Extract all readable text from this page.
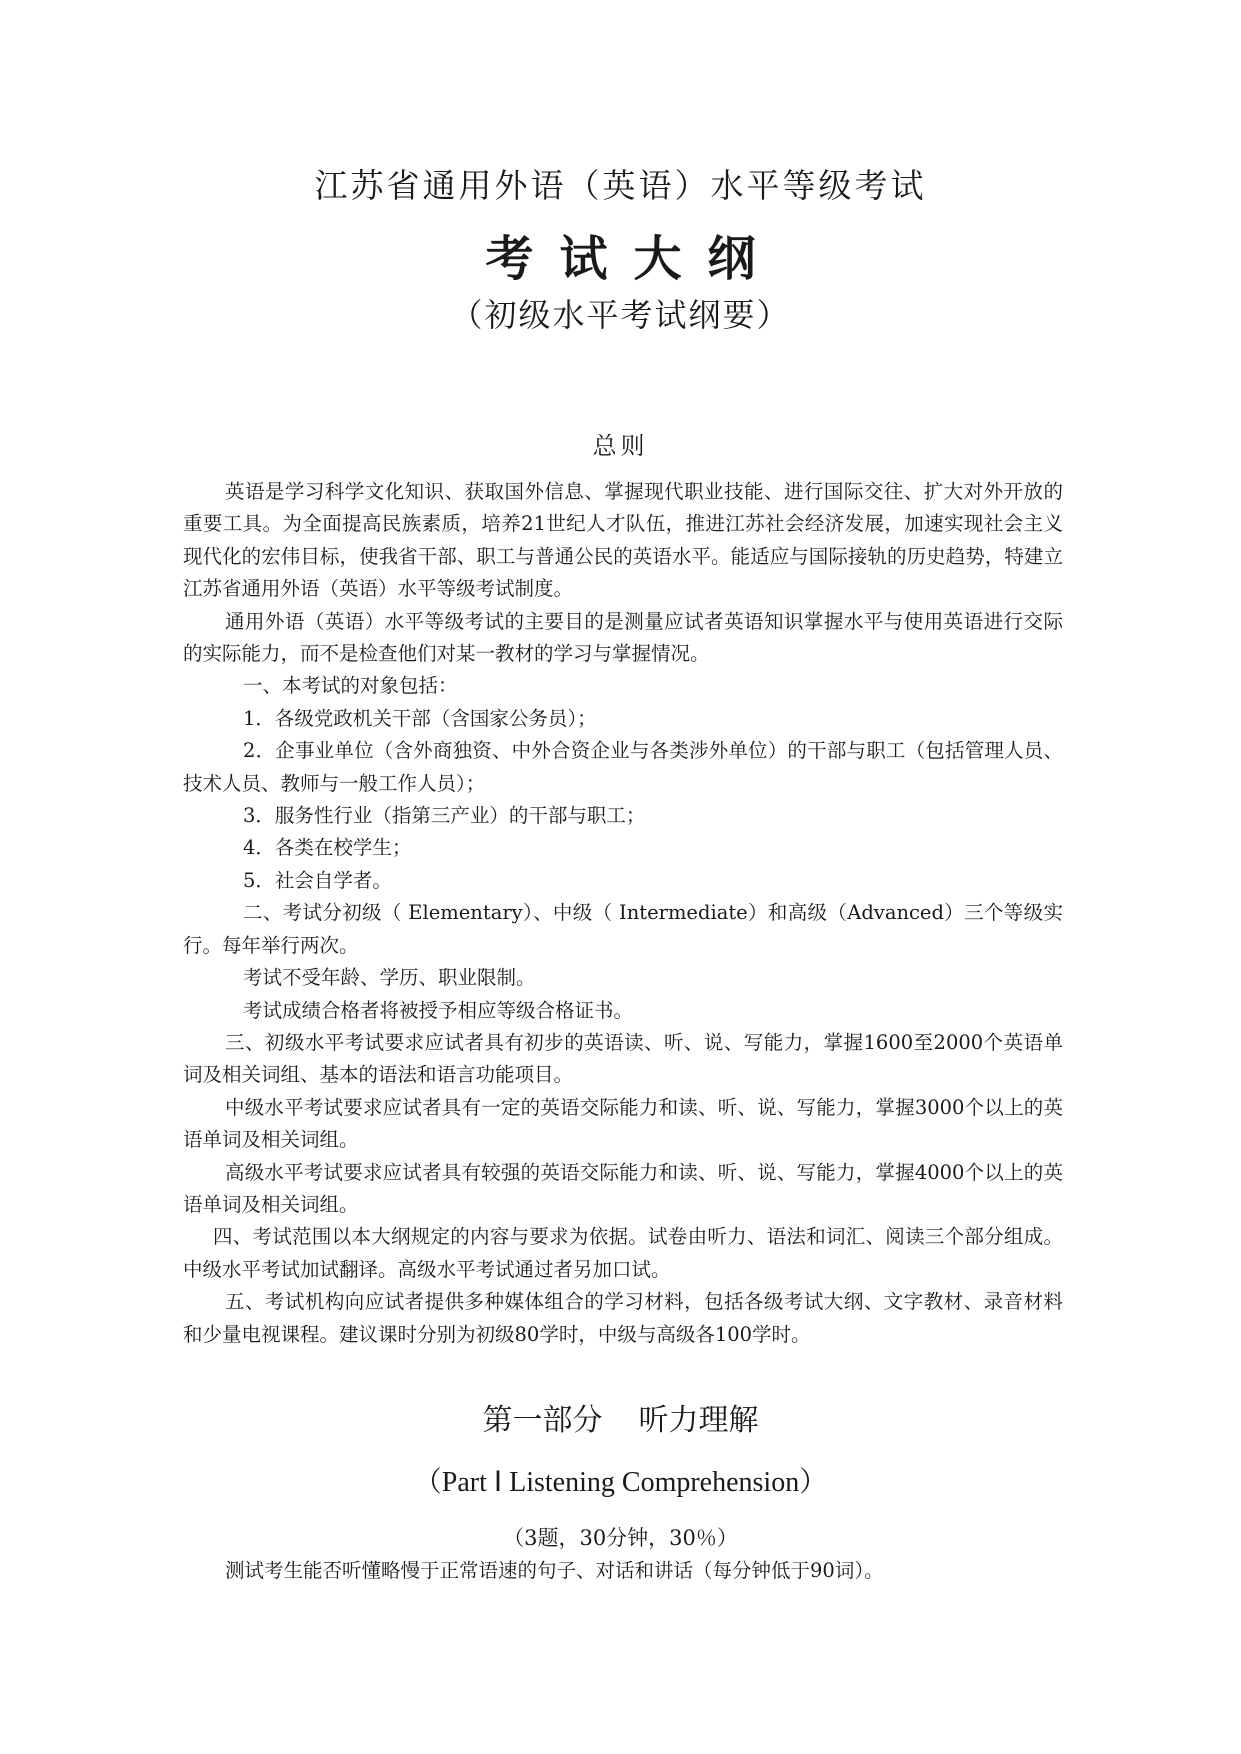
江苏省通用外语（英语）水平等级考试
考试大纲
（初级水平考试纲要）
总则

英语是学习科学文化知识、获取国外信息、掌握现代职业技能、进行国际交往、扩大对外开放的重要工具。为全面提高民族素质，培养21世纪人才队伍，推进江苏社会经济发展，加速实现社会主义现代化的宏伟目标，使我省干部、职工与普通公民的英语水平。能适应与国际接轨的历史趋势，特建立江苏省通用外语（英语）水平等级考试制度。

通用外语（英语）水平等级考试的主要目的是测量应试者英语知识掌握水平与使用英语进行交际的实际能力，而不是检查他们对某一教材的学习与掌握情况。

一、本考试的对象包括：

1．各级党政机关干部（含国家公务员）；

2．企事业单位（含外商独资、中外合资企业与各类涉外单位）的干部与职工（包括管理人员、技术人员、教师与一般工作人员）；

3．服务性行业（指第三产业）的干部与职工；

4．各类在校学生；

5．社会自学者。

二、考试分初级（ Elementary）、中级（ Intermediate）和高级（Advanced）三个等级实行。每年举行两次。

考试不受年龄、学历、职业限制。

考试成绩合格者将被授予相应等级合格证书。

三、初级水平考试要求应试者具有初步的英语读、听、说、写能力，掌握1600至2000个英语单词及相关词组、基本的语法和语言功能项目。

中级水平考试要求应试者具有一定的英语交际能力和读、听、说、写能力，掌握3000个以上的英语单词及相关词组。

高级水平考试要求应试者具有较强的英语交际能力和读、听、说、写能力，掌握4000个以上的英语单词及相关词组。

四、考试范围以本大纲规定的内容与要求为依据。试卷由听力、语法和词汇、阅读三个部分组成。中级水平考试加试翻译。高级水平考试通过者另加口试。

五、考试机构向应试者提供多种媒体组合的学习材料，包括各级考试大纲、文字教材、录音材料和少量电视课程。建议课时分别为初级80学时，中级与高级各100学时。

第一部分 听力理解
（Part Ⅰ Listening Comprehension）
（3题，30分钟，30％）
测试考生能否听懂略慢于正常语速的句子、对话和讲话（每分钟低于90词）。
